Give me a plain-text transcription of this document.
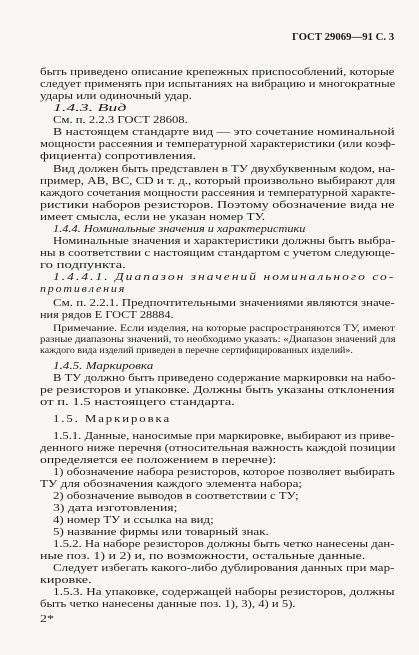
ГОСТ 29069—91 С. 3
быть приведено описание крепежных приспособлений, которые
следует применять при испытаниях на вибрацию и многократные
удары или одиночный удар.
1.4.3. Вид
См. п. 2.2.3 ГОСТ 28608.
В настоящем стандарте вид — это сочетание номинальной
мощности рассеяния и температурной характеристики (или коэф-
фициента) сопротивления.
Вид должен быть представлен в ТУ двухбуквенным кодом, на-
пример, АВ, ВС, CD и т. д., который произвольно выбирают для
каждого сочетания мощности рассеяния и температурной характе-
ристики наборов резисторов. Поэтому обозначение вида не
имеет смысла, если не указан номер ТУ.
1.4.4. Номинальные значения и характеристики
Номинальные значения и характеристики должны быть выбра-
ны в соответствии с настоящим стандартом с учетом следующе-
го подпункта.
1.4.4.1. Диапазон значений номинального со-
противления
См. п. 2.2.1. Предпочтительными значениями являются значе-
ния рядов Е ГОСТ 28884.
Примечание. Если изделия, на которые распространяются ТУ, имеют
разные диапазоны значений, то необходимо указать: «Диапазон значений для
каждого вида изделий приведен в перечне сертифицированных изделий».
1.4.5. Маркировка
В ТУ должно быть приведено содержание маркировки на набо-
ре резисторов и упаковке. Должны быть указаны отклонения
от п. 1.5 настоящего стандарта.
1.5. Маркировка
1.5.1. Данные, наносимые при маркировке, выбирают из приве-
денного ниже перечня (относительная важность каждой позиции
определяется ее положением в перечне):
1) обозначение набора резисторов, которое позволяет выбирать
ТУ для обозначения каждого элемента набора;
2) обозначение выводов в соответствии с ТУ;
3) дата изготовления;
4) номер ТУ и ссылка на вид;
5) название фирмы или товарный знак.
1.5.2. На наборе резисторов должны быть четко нанесены дан-
ные поз. 1) и 2) и, по возможности, остальные данные.
Следует избегать какого-либо дублирования данных при мар-
кировке.
1.5.3. На упаковке, содержащей наборы резисторов, должны
быть четко нанесены данные поз. 1), 3), 4) и 5).
2*
